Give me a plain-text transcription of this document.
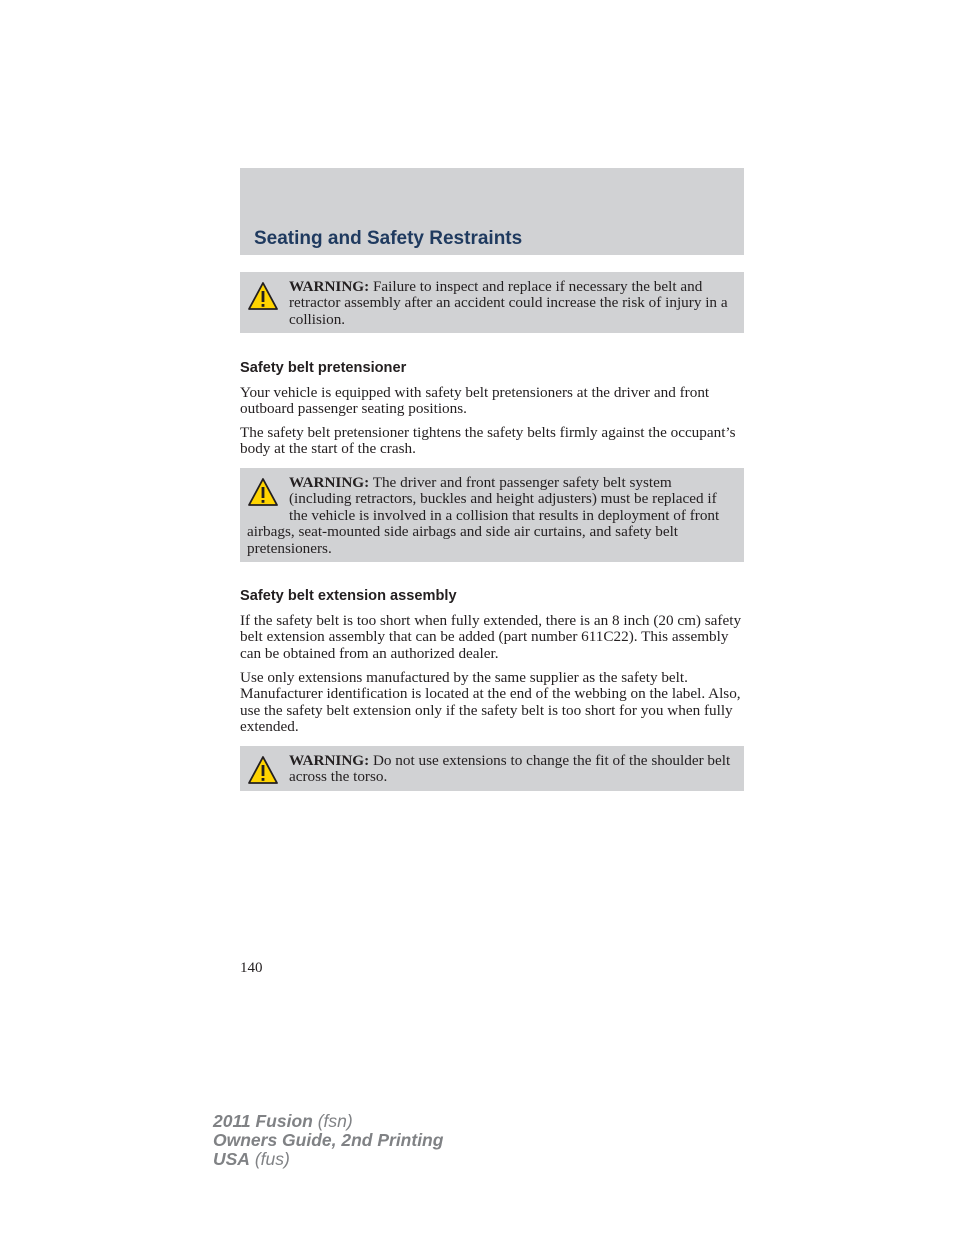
Seating and Safety Restraints
WARNING: Failure to inspect and replace if necessary the belt and retractor assembly after an accident could increase the risk of injury in a collision.
Safety belt pretensioner

Your vehicle is equipped with safety belt pretensioners at the driver and front outboard passenger seating positions.

The safety belt pretensioner tightens the safety belts firmly against the occupant’s body at the start of the crash.

WARNING: The driver and front passenger safety belt system (including retractors, buckles and height adjusters) must be replaced if the vehicle is involved in a collision that results in deployment of front airbags, seat-mounted side airbags and side air curtains, and safety belt pretensioners.
Safety belt extension assembly

If the safety belt is too short when fully extended, there is an 8 inch (20 cm) safety belt extension assembly that can be added (part number 611C22). This assembly can be obtained from an authorized dealer.

Use only extensions manufactured by the same supplier as the safety belt. Manufacturer identification is located at the end of the webbing on the label. Also, use the safety belt extension only if the safety belt is too short for you when fully extended.

WARNING: Do not use extensions to change the fit of the shoulder belt across the torso.
140
2011 Fusion (fsn)
Owners Guide, 2nd Printing
USA (fus)
